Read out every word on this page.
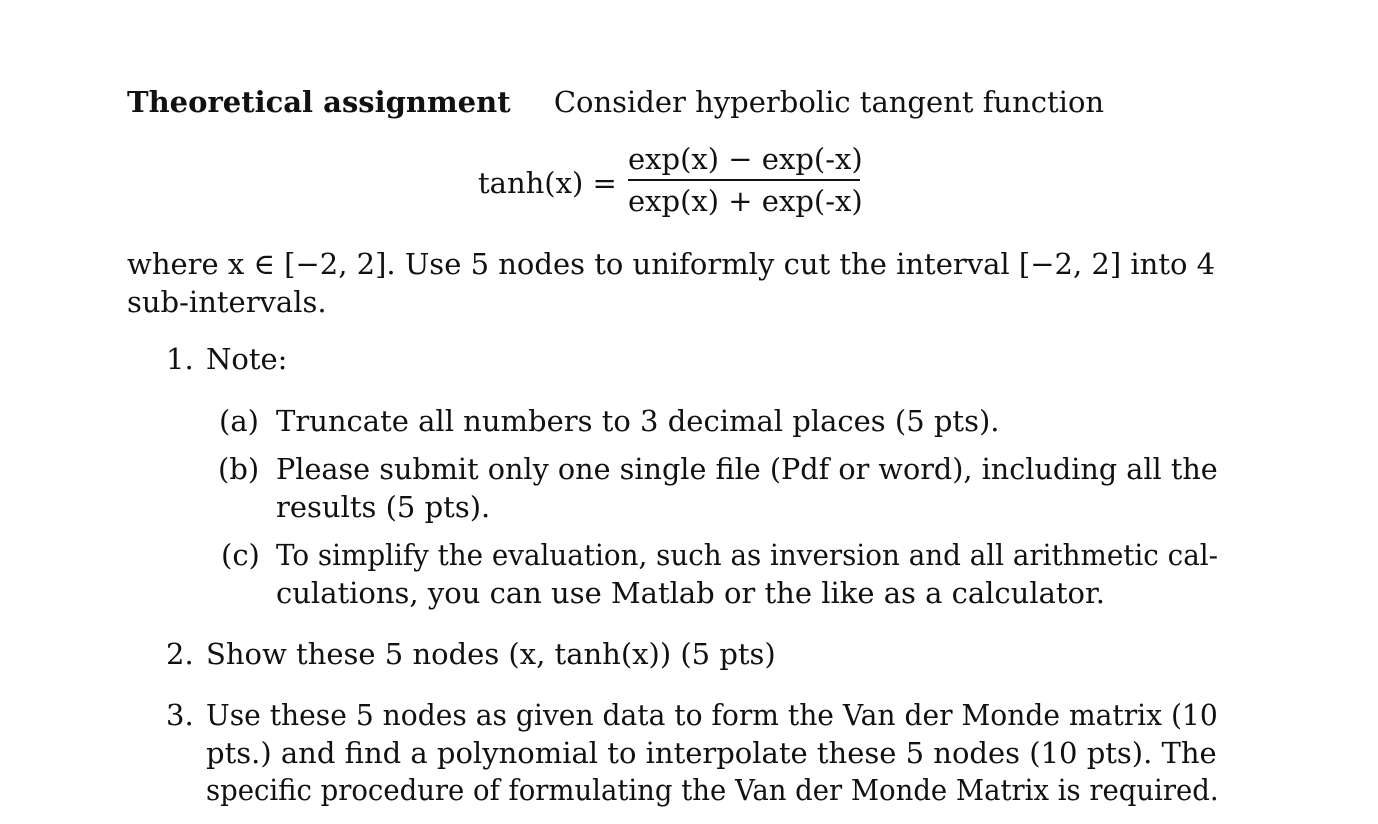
Theoretical assignment Consider hyperbolic tangent function
tanh(x) =
exp(x) − exp(-x)
exp(x) + exp(-x)
where x ∈ [−2, 2]. Use 5 nodes to uniformly cut the interval [−2, 2] into 4
sub-intervals.
1. Note:
(a) Truncate all numbers to 3 decimal places (5 pts).
(b) Please submit only one single file (Pdf or word), including all the
results (5 pts).
(c) To simplify the evaluation, such as inversion and all arithmetic cal-
culations, you can use Matlab or the like as a calculator.
2. Show these 5 nodes (x, tanh(x)) (5 pts)
3. Use these 5 nodes as given data to form the Van der Monde matrix (10
pts.) and find a polynomial to interpolate these 5 nodes (10 pts). The
specific procedure of formulating the Van der Monde Matrix is required.
